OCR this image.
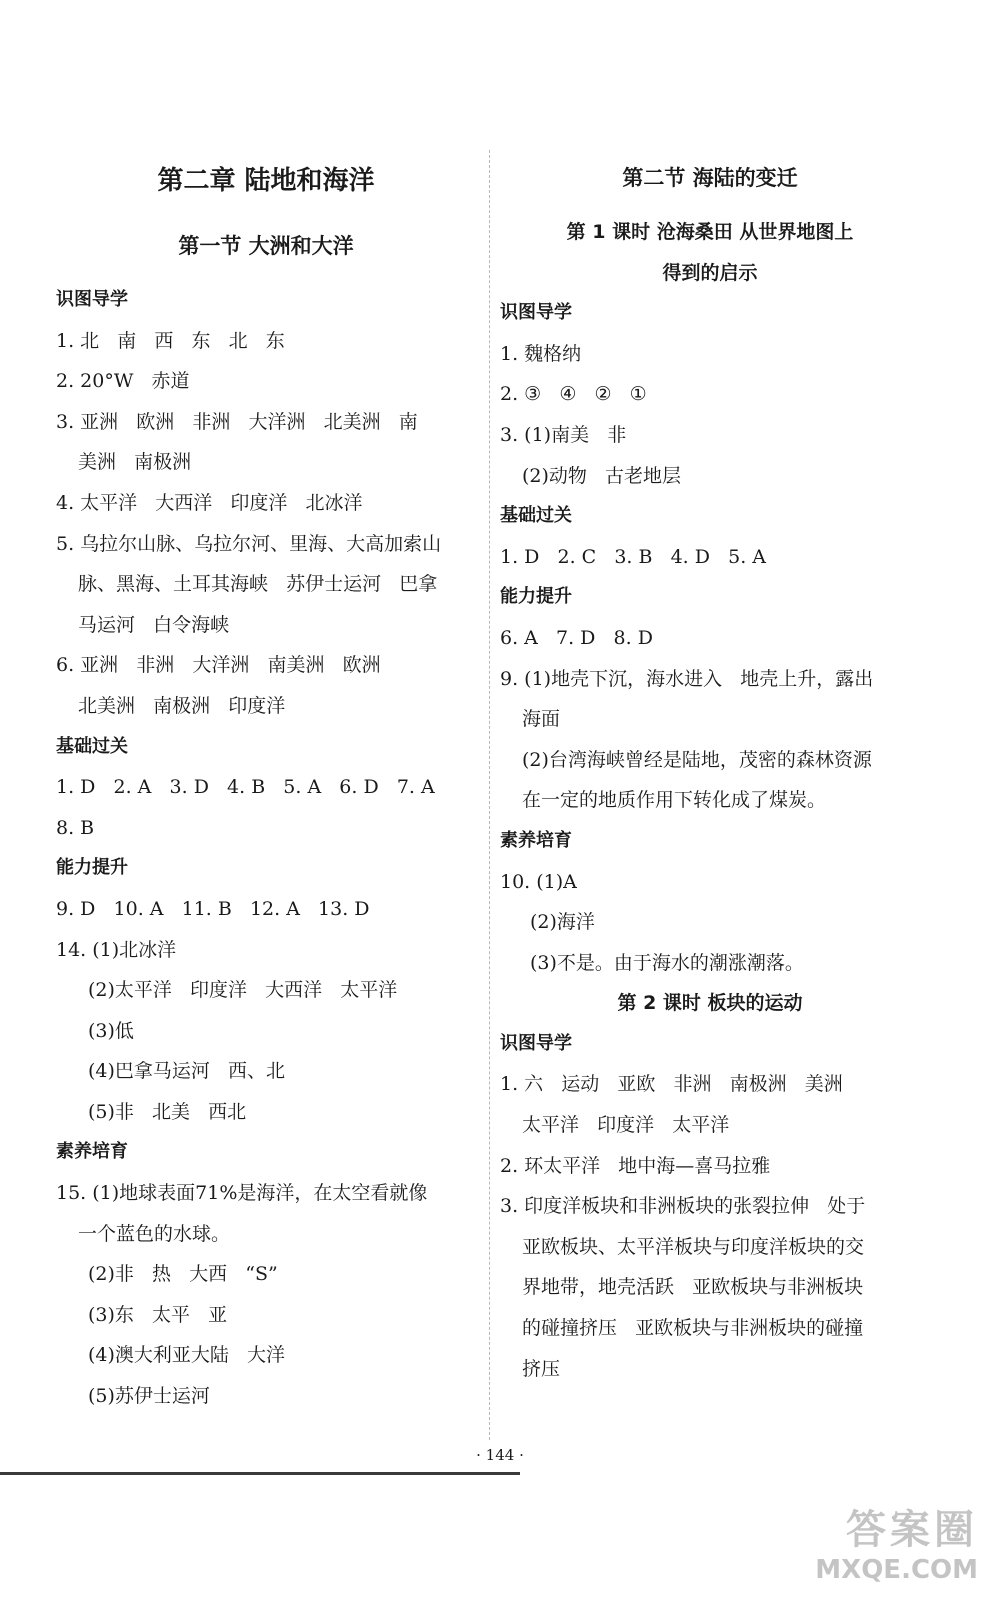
第二章 陆地和海洋
第一节 大洲和大洋
识图导学
1. 北   南   西   东   北   东
2. 20°W   赤道
3. 亚洲   欧洲   非洲   大洋洲   北美洲   南
美洲   南极洲
4. 太平洋   大西洋   印度洋   北冰洋
5. 乌拉尔山脉、乌拉尔河、里海、大高加索山
脉、黑海、土耳其海峡   苏伊士运河   巴拿
马运河   白令海峡
6. 亚洲   非洲   大洋洲   南美洲   欧洲
北美洲   南极洲   印度洋
基础过关
1. D   2. A   3. D   4. B   5. A   6. D   7. A
8. B
能力提升
9. D   10. A   11. B   12. A   13. D
14. (1)北冰洋
(2)太平洋   印度洋   大西洋   太平洋
(3)低
(4)巴拿马运河   西、北
(5)非   北美   西北
素养培育
15. (1)地球表面71%是海洋，在太空看就像
一个蓝色的水球。
(2)非   热   大西   “S”
(3)东   太平   亚
(4)澳大利亚大陆   大洋
(5)苏伊士运河
第二节 海陆的变迁
第 1 课时 沧海桑田 从世界地图上
得到的启示
识图导学
1. 魏格纳
2. ③   ④   ②   ①
3. (1)南美   非
(2)动物   古老地层
基础过关
1. D   2. C   3. B   4. D   5. A
能力提升
6. A   7. D   8. D
9. (1)地壳下沉，海水进入   地壳上升，露出
海面
(2)台湾海峡曾经是陆地，茂密的森林资源
在一定的地质作用下转化成了煤炭。
素养培育
10. (1)A
(2)海洋
(3)不是。由于海水的潮涨潮落。
第 2 课时 板块的运动
识图导学
1. 六   运动   亚欧   非洲   南极洲   美洲
太平洋   印度洋   太平洋
2. 环太平洋   地中海—喜马拉雅
3. 印度洋板块和非洲板块的张裂拉伸   处于
亚欧板块、太平洋板块与印度洋板块的交
界地带，地壳活跃   亚欧板块与非洲板块
的碰撞挤压   亚欧板块与非洲板块的碰撞
挤压
· 144 ·
答案圈
MXQE.COM
